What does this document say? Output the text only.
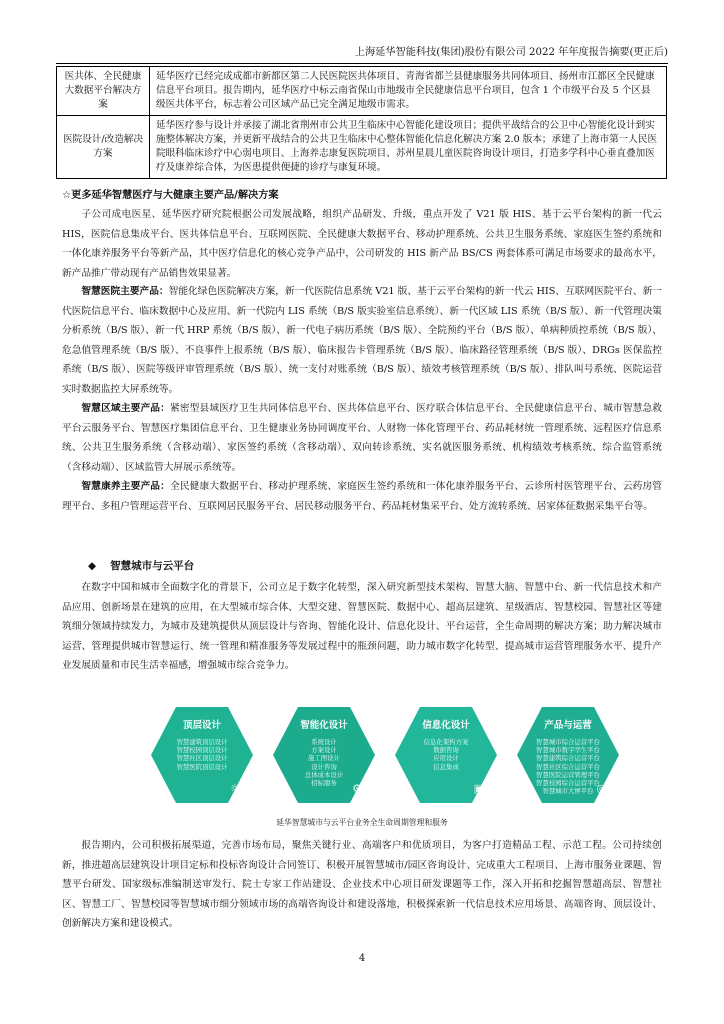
上海延华智能科技(集团)股份有限公司 2022 年年度报告摘要(更正后)
医共体、全民健康大数据平台解决方案	延华医疗已经完成成都市新都区第二人民医院医共体项目、青海省都兰县健康服务共同体项目、扬州市江都区全民健康信息平台项目。报告期内，延华医疗中标云南省保山市地级市全民健康信息平台项目，包含 1 个市级平台及 5 个区县级医共体平台，标志着公司区域产品已完全满足地级市需求。
医院设计/改造解决方案	延华医疗参与设计并承接了湖北省荆州市公共卫生临床中心智能化建设项目；提供平战结合的公卫中心智能化设计到实施整体解决方案，并更新平战结合的公共卫生临床中心整体智能化信息化解决方案 2.0 版本；承建了上海市第一人民医院眼科临床诊疗中心弱电项目、上海养志康复医院项目、苏州星晨儿童医院咨询设计项目，打造多学科中心垂直叠加医疗及康养综合体，为医患提供便捷的诊疗与康复环境。
☆更多延华智慧医疗与大健康主要产品/解决方案

子公司成电医星、延华医疗研究院根据公司发展战略，组织产品研发、升级，重点开发了 V21 版 HIS、基于云平台架构的新一代云 HIS，医院信息集成平台、医共体信息平台、互联网医院、全民健康大数据平台、移动护理系统、公共卫生服务系统、家庭医生签约系统和一体化康养服务平台等新产品，其中医疗信息化的核心竞争产品中，公司研发的 HIS 新产品 BS/CS 两套体系可满足市场要求的最高水平，新产品推广带动现有产品销售效果显著。

智慧医院主要产品：智能化绿色医院解决方案，新一代医院信息系统 V21 版、基于云平台架构的新一代云 HIS、互联网医院平台、新一代医院信息平台、临床数据中心及应用、新一代院内 LIS 系统（B/S 版实验室信息系统）、新一代区域 LIS 系统（B/S 版）、新一代管理决策分析系统（B/S 版）、新一代 HRP 系统（B/S 版）、新一代电子病历系统（B/S 版）、全院预约平台（B/S 版）、单病种质控系统（B/S 版）、危急值管理系统（B/S 版）、不良事件上报系统（B/S 版）、临床报告卡管理系统（B/S 版）、临床路径管理系统（B/S 版）、DRGs 医保监控系统（B/S 版）、医院等级评审管理系统（B/S 版）、统一支付对账系统（B/S 版）、绩效考核管理系统（B/S 版）、排队叫号系统、医院运营实时数据监控大屏系统等。

智慧区域主要产品：紧密型县域医疗卫生共同体信息平台、医共体信息平台、医疗联合体信息平台、全民健康信息平台、城市智慧急救平台云服务平台、智慧医疗集团信息平台、卫生健康业务协同调度平台、人财物一体化管理平台、药品耗材统一管理系统、远程医疗信息系统、公共卫生服务系统（含移动端）、家医签约系统（含移动端）、双向转诊系统、实名就医服务系统、机构绩效考核系统、综合监管系统（含移动端）、区域监管大屏展示系统等。

智慧康养主要产品：全民健康大数据平台、移动护理系统、家庭医生签约系统和一体化康养服务平台、云诊所村医管理平台、云药房管理平台、多租户管理运营平台、互联网居民服务平台、居民移动服务平台、药品耗材集采平台、处方流转系统、居家体征数据采集平台等。

◆ 智慧城市与云平台

在数字中国和城市全面数字化的背景下，公司立足于数字化转型，深入研究新型技术架构、智慧大脑、智慧中台、新一代信息技术和产品应用、创新场景在建筑的应用，在大型城市综合体、大型交建、智慧医院、数据中心、超高层建筑、星级酒店、智慧校园、智慧社区等建筑细分领域持续发力，为城市及建筑提供从顶层设计与咨询、智能化设计、信息化设计、平台运营，全生命周期的解决方案；助力解决城市运营、管理提供城市智慧运行、统一管理和精准服务等发展过程中的瓶颈问题，助力城市数字化转型、提高城市运营管理服务水平、提升产业发展质量和市民生活幸福感，增强城市综合竞争力。

顶层设计
智慧建筑顶层设计
智慧校园顶层设计
智慧社区顶层设计
智慧医院顶层设计
☼
智能化设计
系统设计
方案设计
施工图设计
设计咨询
总体成本设计
招标服务	⚙
信息化设计
信息化架构方案
数据咨询
应用设计
信息集成
▣
产品与运营
智慧城市综合运营平台
智慧城市数字孪生平台
智慧建筑综合运营平台
智慧社区综合运营平台
智慧医院运营管理平台
智慧校园综合运营平台
智慧城市大屏平台 ◎
延华智慧城市与云平台业务全生命周期管理和服务

报告期内，公司积极拓展渠道，完善市场布局，聚焦关键行业、高端客户和优质项目，为客户打造精品工程、示范工程。公司持续创新，推进超高层建筑设计项目定标和投标咨询设计合同签订、积极开展智慧城市/园区咨询设计、完成重大工程项目、上海市服务业课题、智慧平台研发、国家级标准编制送审发行、院士专家工作站建设、企业技术中心项目研发课题等工作，深入开拓和挖掘智慧超高层、智慧社区、智慧工厂、智慧校园等智慧城市细分领域市场的高端咨询设计和建设落地，积极探索新一代信息技术应用场景、高端咨询、顶层设计、创新解决方案和建设模式。

4
